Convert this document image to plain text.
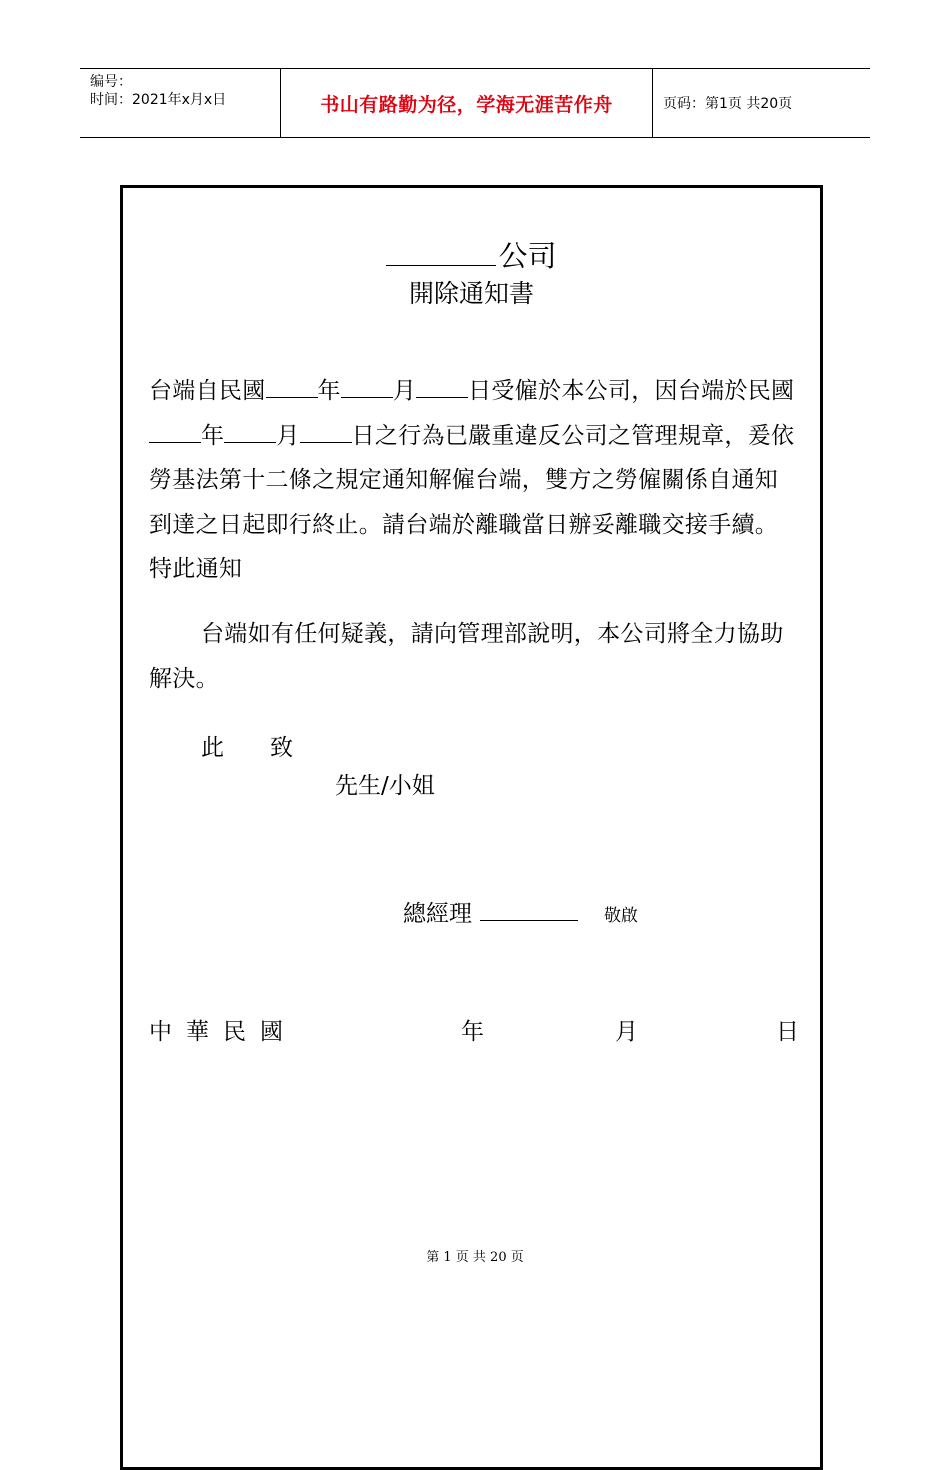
编号：
时间：2021年x月x日	书山有路勤为径，学海无涯苦作舟	页码：第1页 共20页
公司
開除通知書
台端自民國 年 月 日受僱於本公司，因台端於民國年 月 日之行為已嚴重違反公司之管理規章，爰依勞基法第十二條之規定通知解僱台端，雙方之勞僱關係自通知到達之日起即行終止。請台端於離職當日辦妥離職交接手續。特此通知
台端如有任何疑義，請向管理部說明，本公司將全力協助解決。
此 致
先生/小姐
總經理	敬啟
中華民國	年	月	日
第 1 页 共 20 页
